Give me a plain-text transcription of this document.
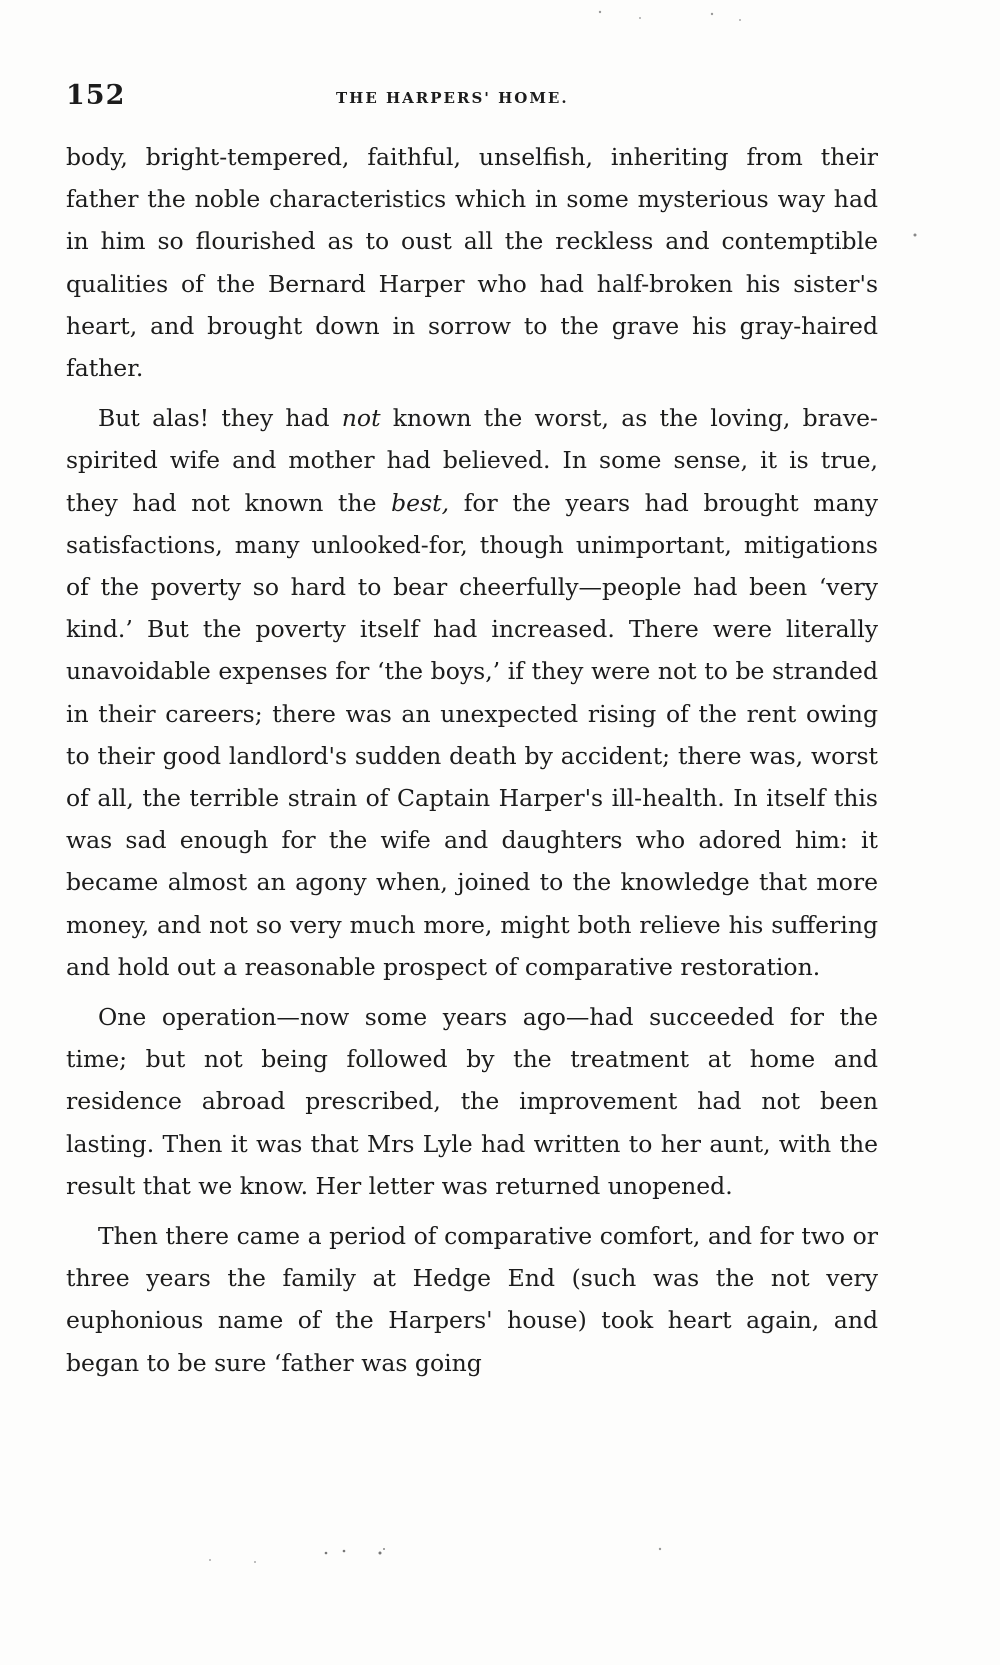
152	THE HARPERS' HOME.

body, bright-tempered, faithful, unselfish, inheriting from their father the noble characteristics which in some mysterious way had in him so flourished as to oust all the reckless and contemptible qualities of the Bernard Harper who had half-broken his sister's heart, and brought down in sorrow to the grave his gray-haired father.

But alas! they had not known the worst, as the loving, brave-spirited wife and mother had believed. In some sense, it is true, they had not known the best, for the years had brought many satisfactions, many unlooked-for, though unimportant, mitigations of the poverty so hard to bear cheerfully—people had been ‘very kind.’ But the poverty itself had increased. There were literally unavoidable expenses for ‘the boys,’ if they were not to be stranded in their careers; there was an unexpected rising of the rent owing to their good landlord's sudden death by accident; there was, worst of all, the terrible strain of Captain Harper's ill-health. In itself this was sad enough for the wife and daughters who adored him: it became almost an agony when, joined to the knowledge that more money, and not so very much more, might both relieve his suffering and hold out a reasonable prospect of comparative restoration.

One operation—now some years ago—had succeeded for the time; but not being followed by the treatment at home and residence abroad prescribed, the improvement had not been lasting. Then it was that Mrs Lyle had written to her aunt, with the result that we know. Her letter was returned unopened.

Then there came a period of comparative comfort, and for two or three years the family at Hedge End (such was the not very euphonious name of the Harpers' house) took heart again, and began to be sure ‘father was going
